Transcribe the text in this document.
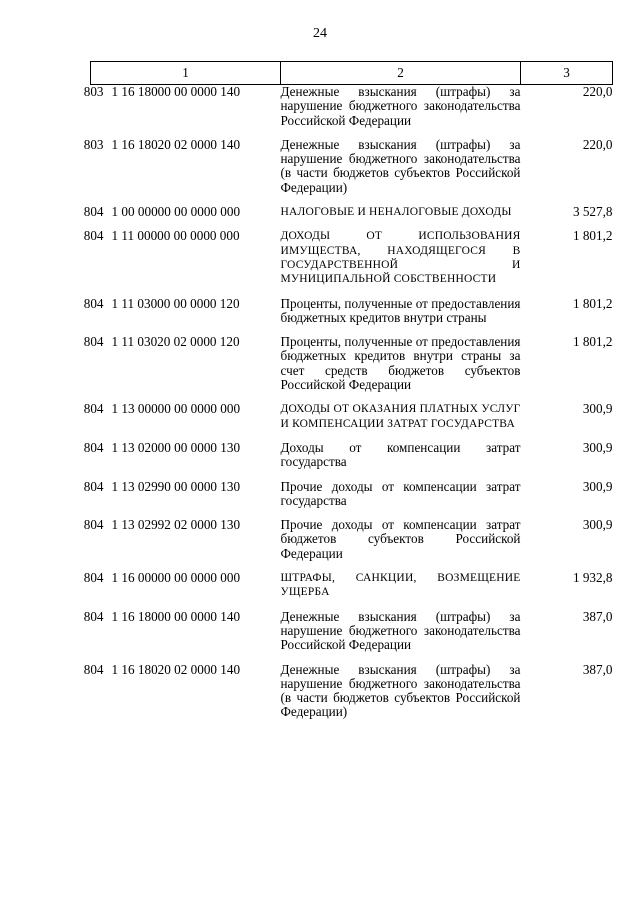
24
1	2	3
803 1 16 18000 00 0000 140	Денежные взыскания (штрафы) за нарушение бюджетного законодательства Российской Федерации	220,0
803 1 16 18020 02 0000 140	Денежные взыскания (штрафы) за нарушение бюджетного законодательства (в части бюджетов субъектов Российской Федерации)	220,0
804 1 00 00000 00 0000 000	НАЛОГОВЫЕ И НЕНАЛОГОВЫЕ ДОХОДЫ	3 527,8
804 1 11 00000 00 0000 000	ДОХОДЫ ОТ ИСПОЛЬЗОВАНИЯ ИМУЩЕСТВА, НАХОДЯЩЕГОСЯ В ГОСУДАРСТВЕННОЙ И МУНИЦИПАЛЬНОЙ СОБСТВЕННОСТИ	1 801,2
804 1 11 03000 00 0000 120	Проценты, полученные от предоставления бюджетных кредитов внутри страны	1 801,2
804 1 11 03020 02 0000 120	Проценты, полученные от предоставления бюджетных кредитов внутри страны за счет средств бюджетов субъектов Российской Федерации	1 801,2
804 1 13 00000 00 0000 000	ДОХОДЫ ОТ ОКАЗАНИЯ ПЛАТНЫХ УСЛУГ И КОМПЕНСАЦИИ ЗАТРАТ ГОСУДАРСТВА	300,9
804 1 13 02000 00 0000 130	Доходы от компенсации затрат государства	300,9
804 1 13 02990 00 0000 130	Прочие доходы от компенсации затрат государства	300,9
804 1 13 02992 02 0000 130	Прочие доходы от компенсации затрат бюджетов субъектов Российской Федерации	300,9
804 1 16 00000 00 0000 000	ШТРАФЫ, САНКЦИИ, ВОЗМЕЩЕНИЕ УЩЕРБА	1 932,8
804 1 16 18000 00 0000 140	Денежные взыскания (штрафы) за нарушение бюджетного законодательства Российской Федерации	387,0
804 1 16 18020 02 0000 140	Денежные взыскания (штрафы) за нарушение бюджетного законодательства (в части бюджетов субъектов Российской Федерации)	387,0
